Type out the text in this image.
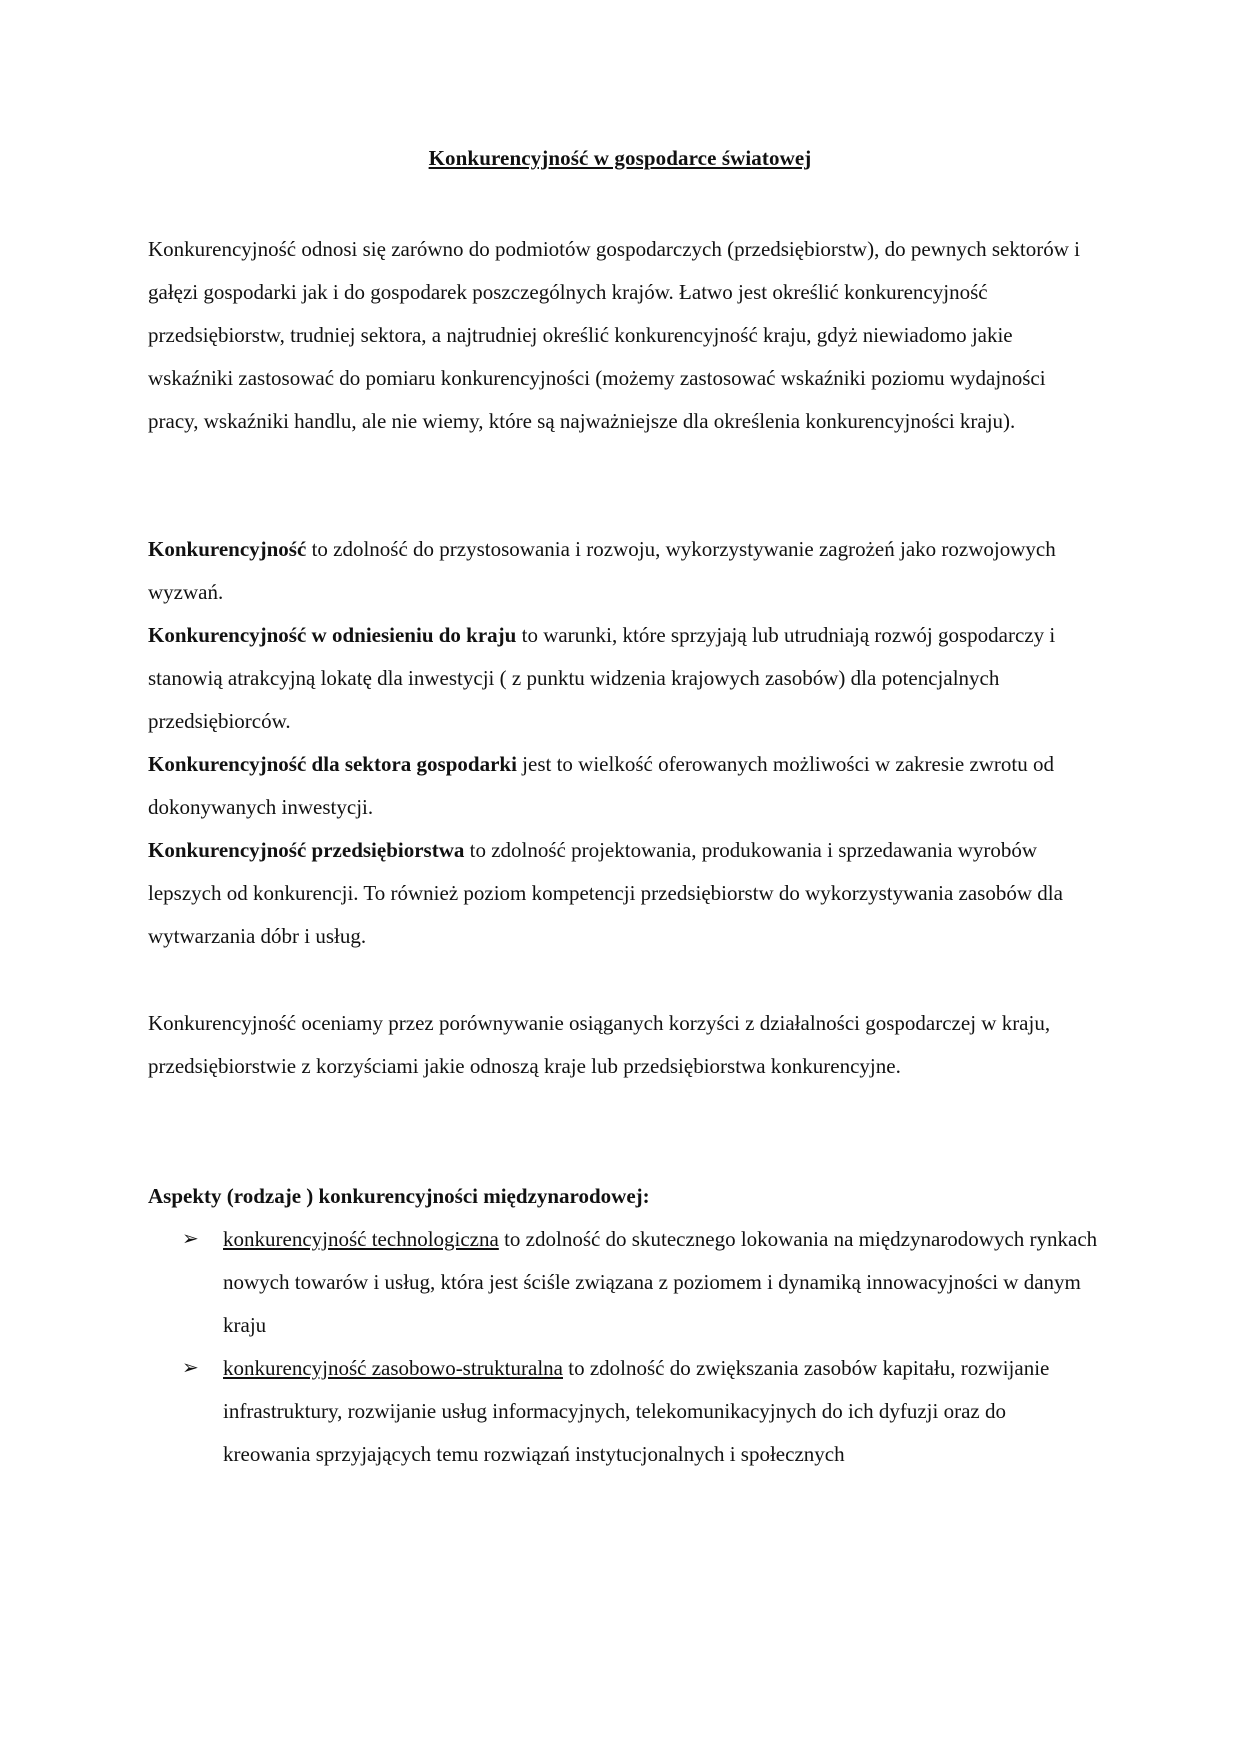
Konkurencyjność w gospodarce światowej

Konkurencyjność odnosi się zarówno do podmiotów gospodarczych (przedsiębiorstw), do pewnych sektorów i gałęzi gospodarki jak i do gospodarek poszczególnych krajów. Łatwo jest określić konkurencyjność przedsiębiorstw, trudniej sektora, a najtrudniej określić konkurencyjność kraju, gdyż niewiadomo jakie wskaźniki zastosować do pomiaru konkurencyjności (możemy zastosować wskaźniki poziomu wydajności pracy, wskaźniki handlu, ale nie wiemy, które są najważniejsze dla określenia konkurencyjności kraju).

Konkurencyjność to zdolność do przystosowania i rozwoju, wykorzystywanie zagrożeń jako rozwojowych wyzwań.

Konkurencyjność w odniesieniu do kraju to warunki, które sprzyjają lub utrudniają rozwój gospodarczy i stanowią atrakcyjną lokatę dla inwestycji ( z punktu widzenia krajowych zasobów) dla potencjalnych przedsiębiorców.

Konkurencyjność dla sektora gospodarki jest to wielkość oferowanych możliwości w zakresie zwrotu od dokonywanych inwestycji.

Konkurencyjność przedsiębiorstwa to zdolność projektowania, produkowania i sprzedawania wyrobów lepszych od konkurencji. To również poziom kompetencji przedsiębiorstw do wykorzystywania zasobów dla wytwarzania dóbr i usług.

Konkurencyjność oceniamy przez porównywanie osiąganych korzyści z działalności gospodarczej w kraju, przedsiębiorstwie z korzyściami jakie odnoszą kraje lub przedsiębiorstwa konkurencyjne.

Aspekty (rodzaje ) konkurencyjności międzynarodowej:

➢ konkurencyjność technologiczna to zdolność do skutecznego lokowania na międzynarodowych rynkach nowych towarów i usług, która jest ściśle związana z poziomem i dynamiką innowacyjności w danym kraju
➢ konkurencyjność zasobowo-strukturalna to zdolność do zwiększania zasobów kapitału, rozwijanie infrastruktury, rozwijanie usług informacyjnych, telekomunikacyjnych do ich dyfuzji oraz do kreowania sprzyjających temu rozwiązań instytucjonalnych i społecznych
